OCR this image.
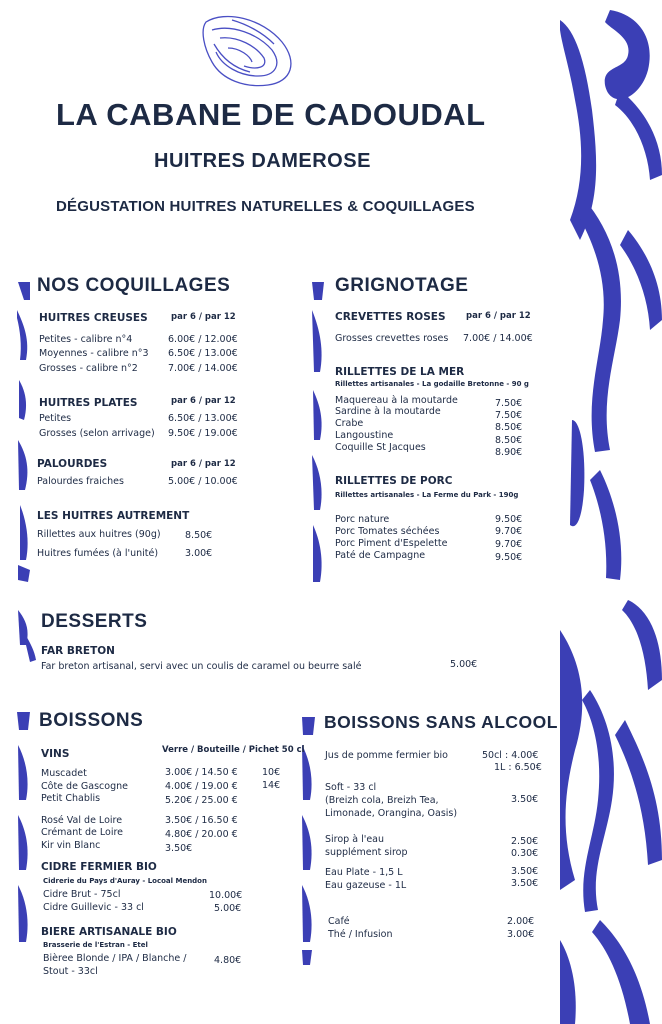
LA CABANE DE CADOUDAL
HUITRES DAMEROSE
DÉGUSTATION HUITRES NATURELLES & COQUILLAGES
NOS COQUILLAGES
HUITRES CREUSES	par 6 / par 12
Petites - calibre n°4	6.00€ / 12.00€
Moyennes - calibre n°3 6.50€ / 13.00€
Grosses - calibre n°2	7.00€ / 14.00€
HUITRES PLATES	par 6 / par 12
Petites	6.50€ / 13.00€
Grosses (selon arrivage) 9.50€ / 19.00€
PALOURDES	par 6 / par 12
Palourdes fraiches	5.00€ / 10.00€
LES HUITRES AUTREMENT
Rillettes aux huitres (90g)	8.50€
Huitres fumées (à l'unité)	3.00€
GRIGNOTAGE
CREVETTES ROSES par 6 / par 12
Grosses crevettes roses 7.00€ / 14.00€
RILLETTES DE LA MER
Rillettes artisanales - La godaille Bretonne - 90 g
Maquereau à la moutarde	7.50€
Sardine à la moutarde	7.50€
Crabe	8.50€
Langoustine	8.50€
Coquille St Jacques	8.90€
RILLETTES DE PORC
Rillettes artisanales - La Ferme du Park - 190g
Porc nature	9.50€
Porc Tomates séchées	9.70€
Porc Piment d'Espelette	9.70€
Paté de Campagne	9.50€
DESSERTS
FAR BRETON
Far breton artisanal, servi avec un coulis de caramel ou beurre salé	5.00€
BOISSONS
VINS	Verre / Bouteille / Pichet 50 cl
Muscadet	3.00€ / 14.50 €	10€
Côte de Gascogne	4.00€ / 19.00 €	14€
Petit Chablis	5.20€ / 25.00 €
Rosé Val de Loire	3.50€ / 16.50 €
Crémant de Loire	4.80€ / 20.00 €
Kir vin Blanc	3.50€
CIDRE FERMIER BIO
Cidrerie du Pays d'Auray - Locoal Mendon
Cidre Brut - 75cl	10.00€
Cidre Guillevic - 33 cl	5.00€
BIERE ARTISANALE BIO
Brasserie de l'Estran - Etel
Bièree Blonde / IPA / Blanche /
Stout - 33cl
4.80€
BOISSONS SANS ALCOOL
Jus de pomme fermier bio	50cl : 4.00€
1L : 6.50€
Soft - 33 cl
(Breizh cola, Breizh Tea,
Limonade, Orangina, Oasis)
3.50€
Sirop à l'eau	2.50€
supplément sirop	0.30€
Eau Plate - 1,5 L	3.50€
Eau gazeuse - 1L	3.50€
Café	2.00€
Thé / Infusion	3.00€
